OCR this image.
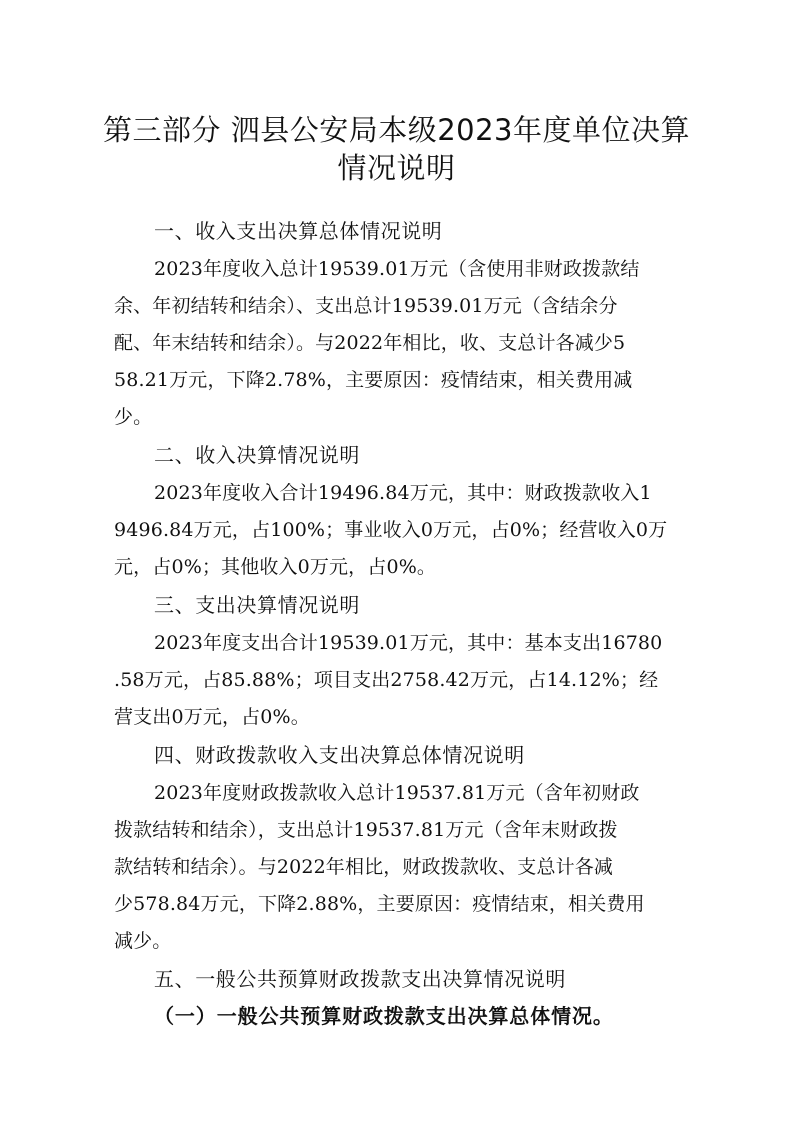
第三部分 泗县公安局本级2023年度单位决算
情况说明
一、收入支出决算总体情况说明
2023年度收入总计19539.01万元（含使用非财政拨款结
余、年初结转和结余）、支出总计19539.01万元（含结余分
配、年末结转和结余）。与2022年相比，收、支总计各减少5
58.21万元，下降2.78%，主要原因：疫情结束，相关费用减
少。
二、收入决算情况说明
2023年度收入合计19496.84万元，其中：财政拨款收入1
9496.84万元，占100%；事业收入0万元，占0%；经营收入0万
元，占0%；其他收入0万元，占0%。
三、支出决算情况说明
2023年度支出合计19539.01万元，其中：基本支出16780
.58万元，占85.88%；项目支出2758.42万元，占14.12%；经
营支出0万元，占0%。
四、财政拨款收入支出决算总体情况说明
2023年度财政拨款收入总计19537.81万元（含年初财政
拨款结转和结余），支出总计19537.81万元（含年末财政拨
款结转和结余）。与2022年相比，财政拨款收、支总计各减
少578.84万元，下降2.88%，主要原因：疫情结束，相关费用
减少。
五、一般公共预算财政拨款支出决算情况说明
（一）一般公共预算财政拨款支出决算总体情况。
